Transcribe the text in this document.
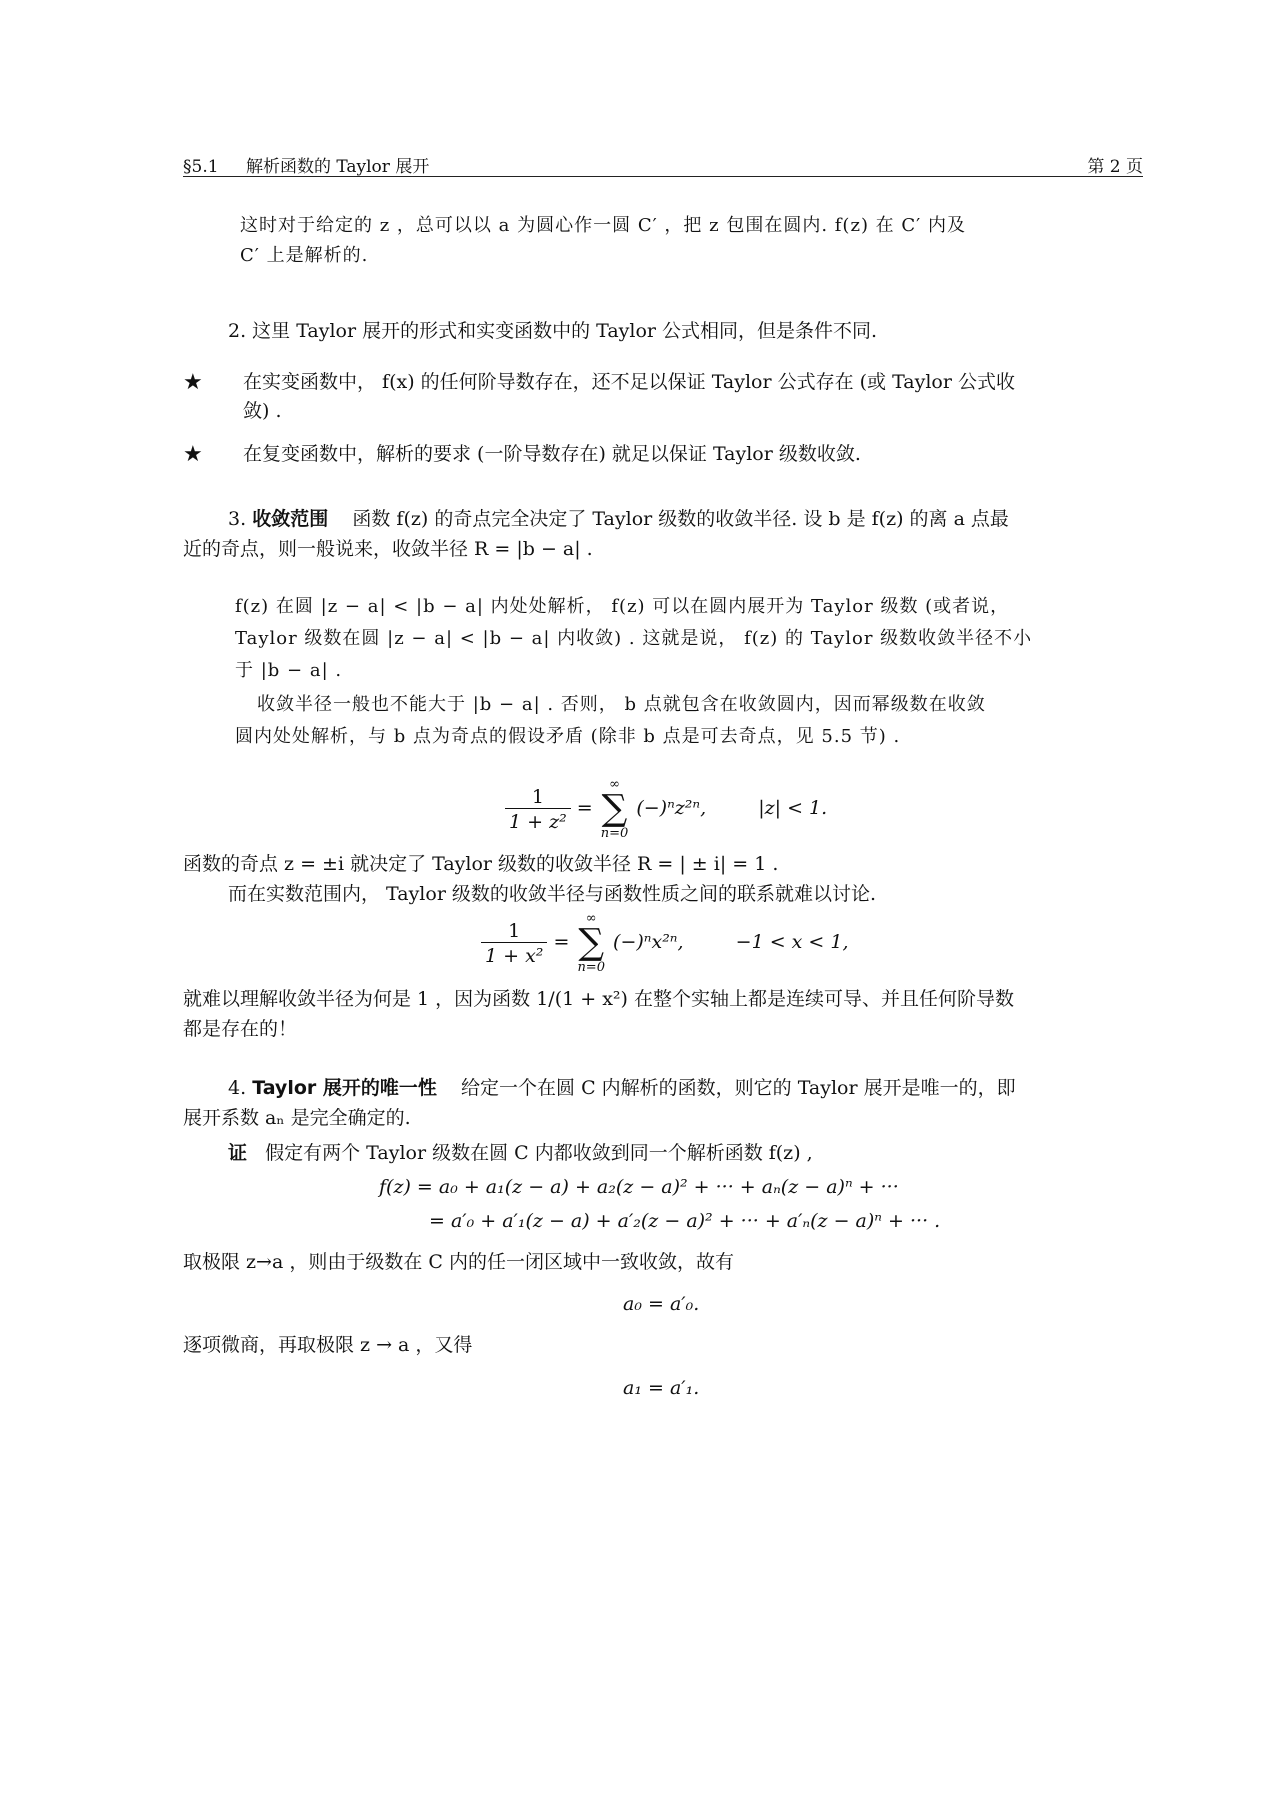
§5.1 解析函数的 Taylor 展开	第 2 页
这时对于给定的 z ，总可以以 a 为圆心作一圆 C′ ，把 z 包围在圆内. f(z) 在 C′ 内及
C′ 上是解析的.
2. 这里 Taylor 展开的形式和实变函数中的 Taylor 公式相同，但是条件不同.
★ 在实变函数中， f(x) 的任何阶导数存在，还不足以保证 Taylor 公式存在 (或 Taylor 公式收
敛) .
★ 在复变函数中，解析的要求 (一阶导数存在) 就足以保证 Taylor 级数收敛.
3. 收敛范围 函数 f(z) 的奇点完全决定了 Taylor 级数的收敛半径. 设 b 是 f(z) 的离 a 点最
近的奇点，则一般说来，收敛半径 R = |b − a| .
f(z) 在圆 |z − a| < |b − a| 内处处解析， f(z) 可以在圆内展开为 Taylor 级数 (或者说，
Taylor 级数在圆 |z − a| < |b − a| 内收敛) . 这就是说， f(z) 的 Taylor 级数收敛半径不小
于 |b − a| .
收敛半径一般也不能大于 |b − a| . 否则， b 点就包含在收敛圆内，因而幂级数在收敛
圆内处处解析，与 b 点为奇点的假设矛盾 (除非 b 点是可去奇点，见 5.5 节) .
$\frac{1}{\text{1 + z²}}$ =
∞
∑
n=0
(−)ⁿz²ⁿ,	|z| < 1.
函数的奇点 z = ±i 就决定了 Taylor 级数的收敛半径 R = | ± i| = 1 .
而在实数范围内， Taylor 级数的收敛半径与函数性质之间的联系就难以讨论.
$\frac{1}{\text{1 + x²}}$ =
∞
∑
n=0
(−)ⁿx²ⁿ,	−1 < x < 1,
就难以理解收敛半径为何是 1 ，因为函数 1/(1 + x²) 在整个实轴上都是连续可导、并且任何阶导数
都是存在的！
4. Taylor 展开的唯一性 给定一个在圆 C 内解析的函数，则它的 Taylor 展开是唯一的，即
展开系数 aₙ 是完全确定的.
证 假定有两个 Taylor 级数在圆 C 内都收敛到同一个解析函数 f(z) ,
f(z) = a₀ + a₁(z − a) + a₂(z − a)² + ··· + aₙ(z − a)ⁿ + ···
= a′₀ + a′₁(z − a) + a′₂(z − a)² + ··· + a′ₙ(z − a)ⁿ + ··· .
取极限 z→a ，则由于级数在 C 内的任一闭区域中一致收敛，故有
a₀ = a′₀.
逐项微商，再取极限 z → a ，又得
a₁ = a′₁.
